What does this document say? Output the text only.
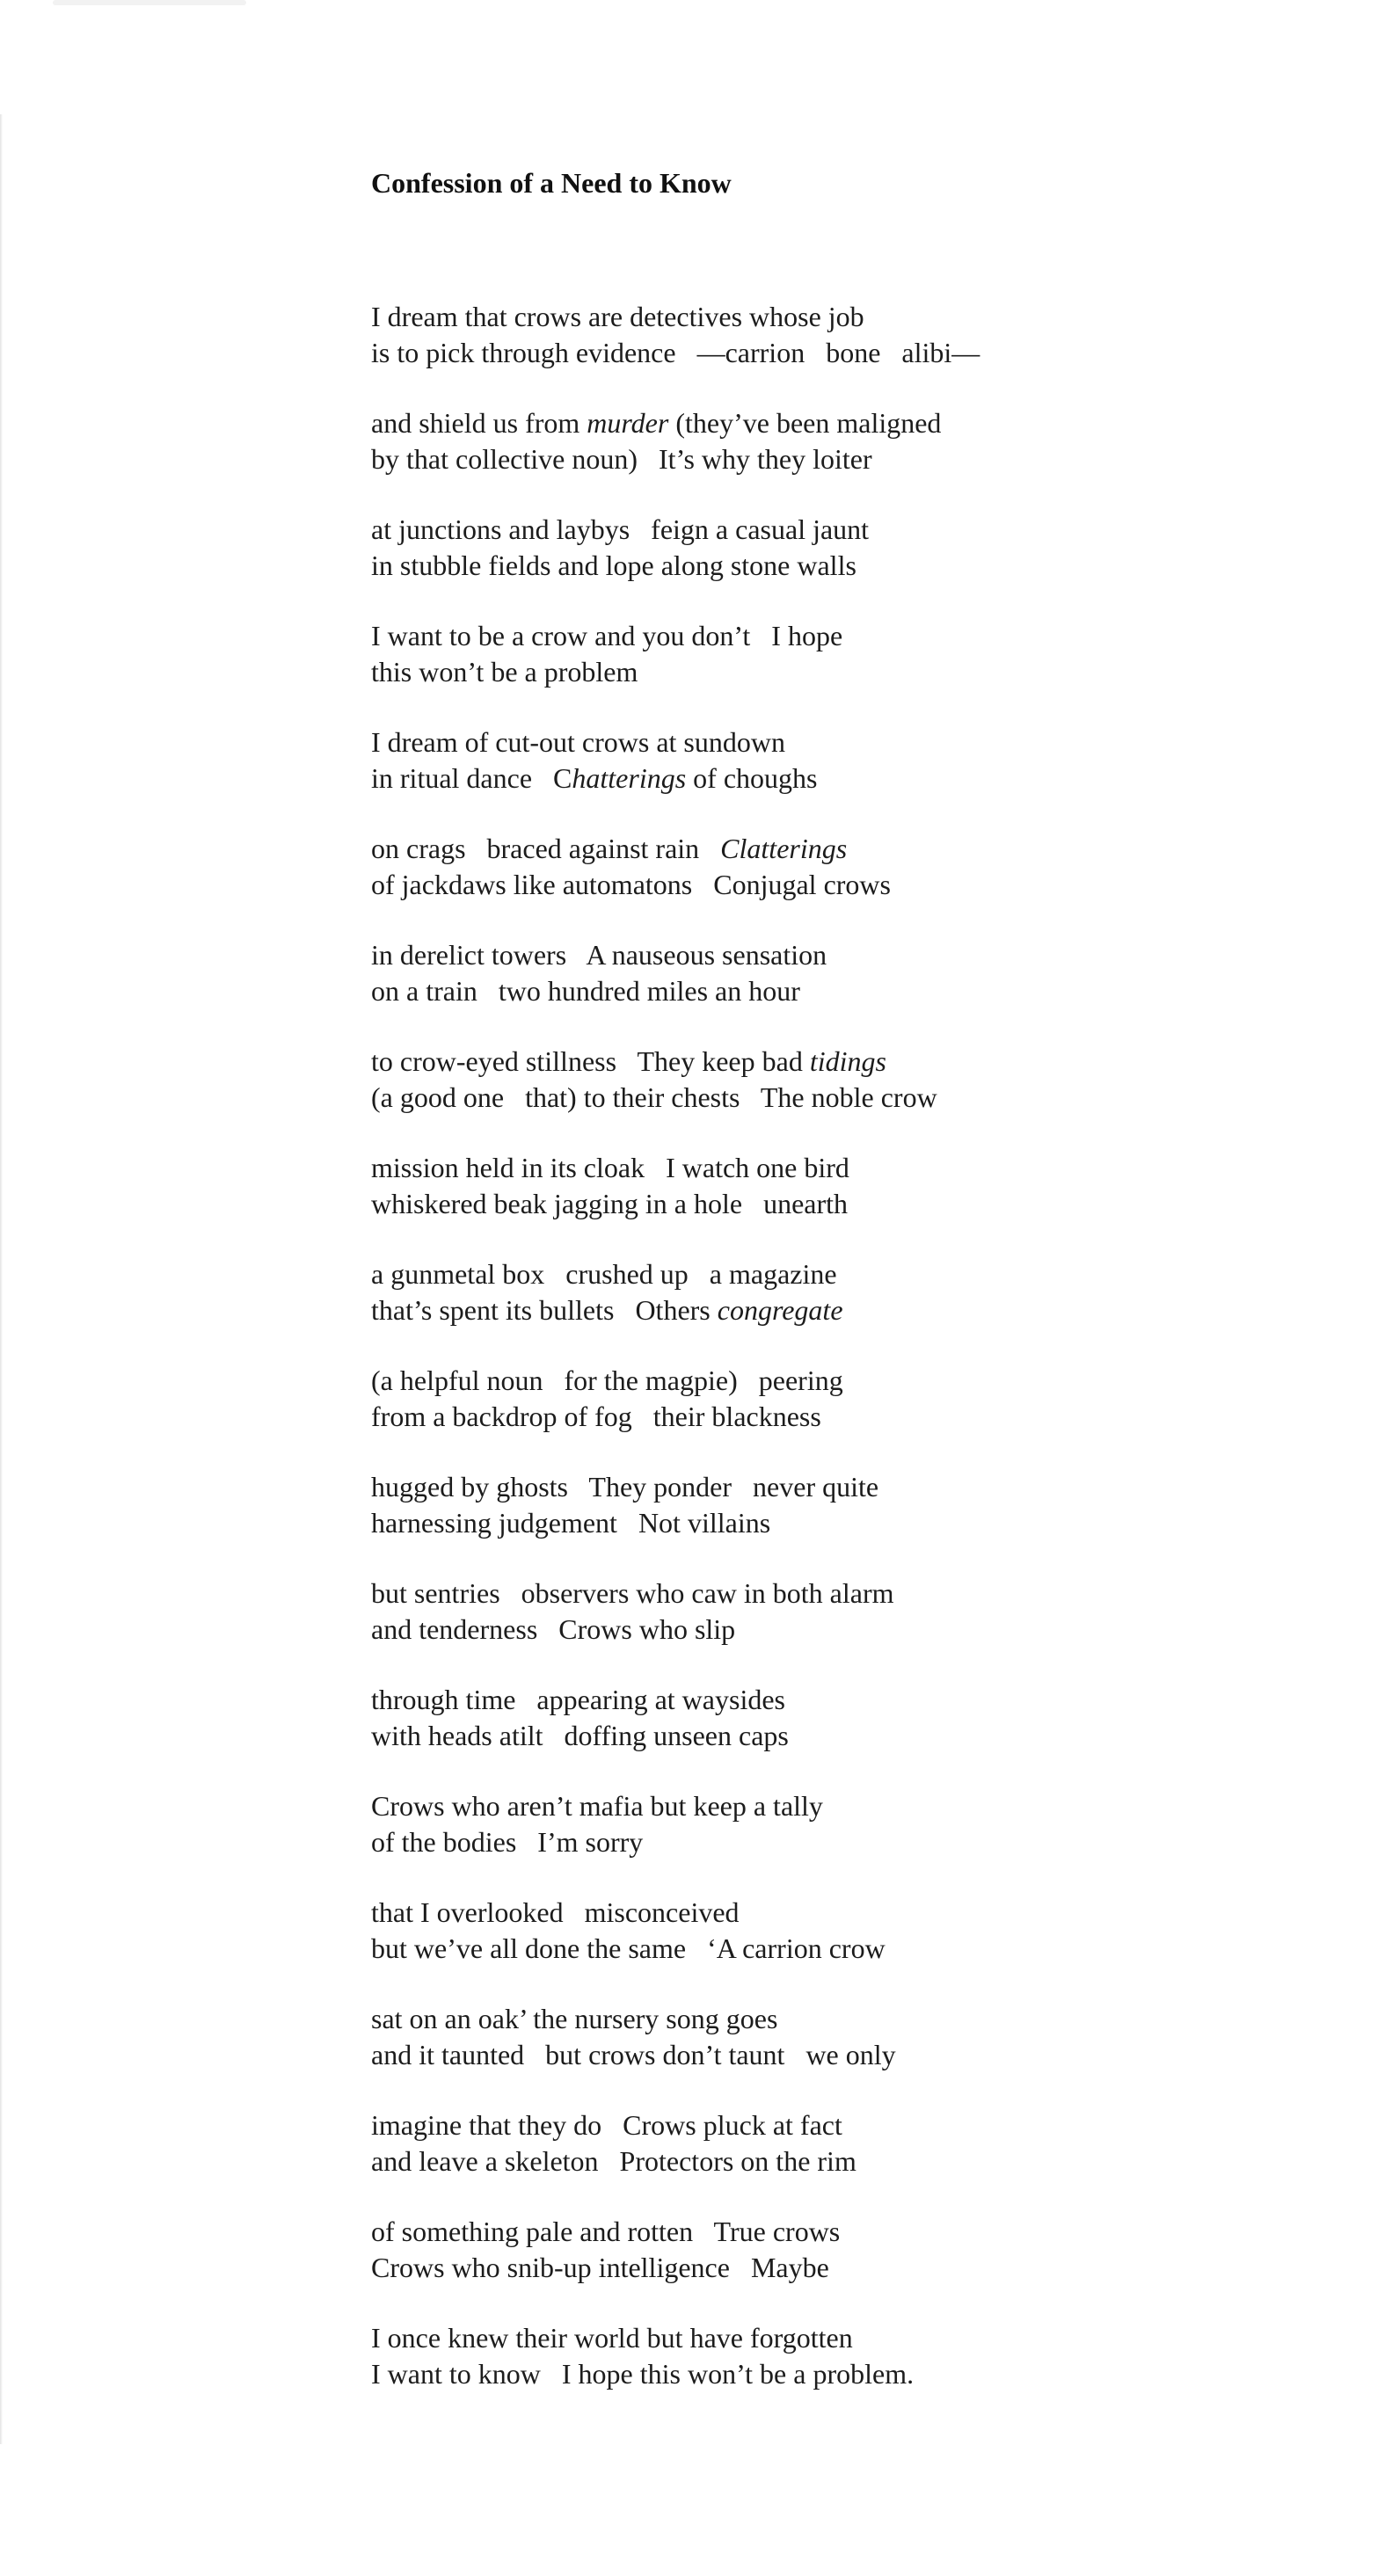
Confession of a Need to Know
I dream that crows are detectives whose job
is to pick through evidence   —carrion   bone   alibi—
and shield us from murder (they’ve been maligned
by that collective noun)   It’s why they loiter
at junctions and laybys   feign a casual jaunt
in stubble fields and lope along stone walls
I want to be a crow and you don’t   I hope
this won’t be a problem
I dream of cut-out crows at sundown
in ritual dance   Chatterings of choughs
on crags   braced against rain   Clatterings
of jackdaws like automatons   Conjugal crows
in derelict towers   A nauseous sensation
on a train   two hundred miles an hour
to crow-eyed stillness   They keep bad tidings
(a good one   that) to their chests   The noble crow
mission held in its cloak   I watch one bird
whiskered beak jagging in a hole   unearth
a gunmetal box   crushed up   a magazine
that’s spent its bullets   Others congregate
(a helpful noun   for the magpie)   peering
from a backdrop of fog   their blackness
hugged by ghosts   They ponder   never quite
harnessing judgement   Not villains
but sentries   observers who caw in both alarm
and tenderness   Crows who slip
through time   appearing at waysides
with heads atilt   doffing unseen caps
Crows who aren’t mafia but keep a tally
of the bodies   I’m sorry
that I overlooked   misconceived
but we’ve all done the same   ‘A carrion crow
sat on an oak’ the nursery song goes
and it taunted   but crows don’t taunt   we only
imagine that they do   Crows pluck at fact
and leave a skeleton   Protectors on the rim
of something pale and rotten   True crows
Crows who snib-up intelligence   Maybe
I once knew their world but have forgotten
I want to know   I hope this won’t be a problem.
